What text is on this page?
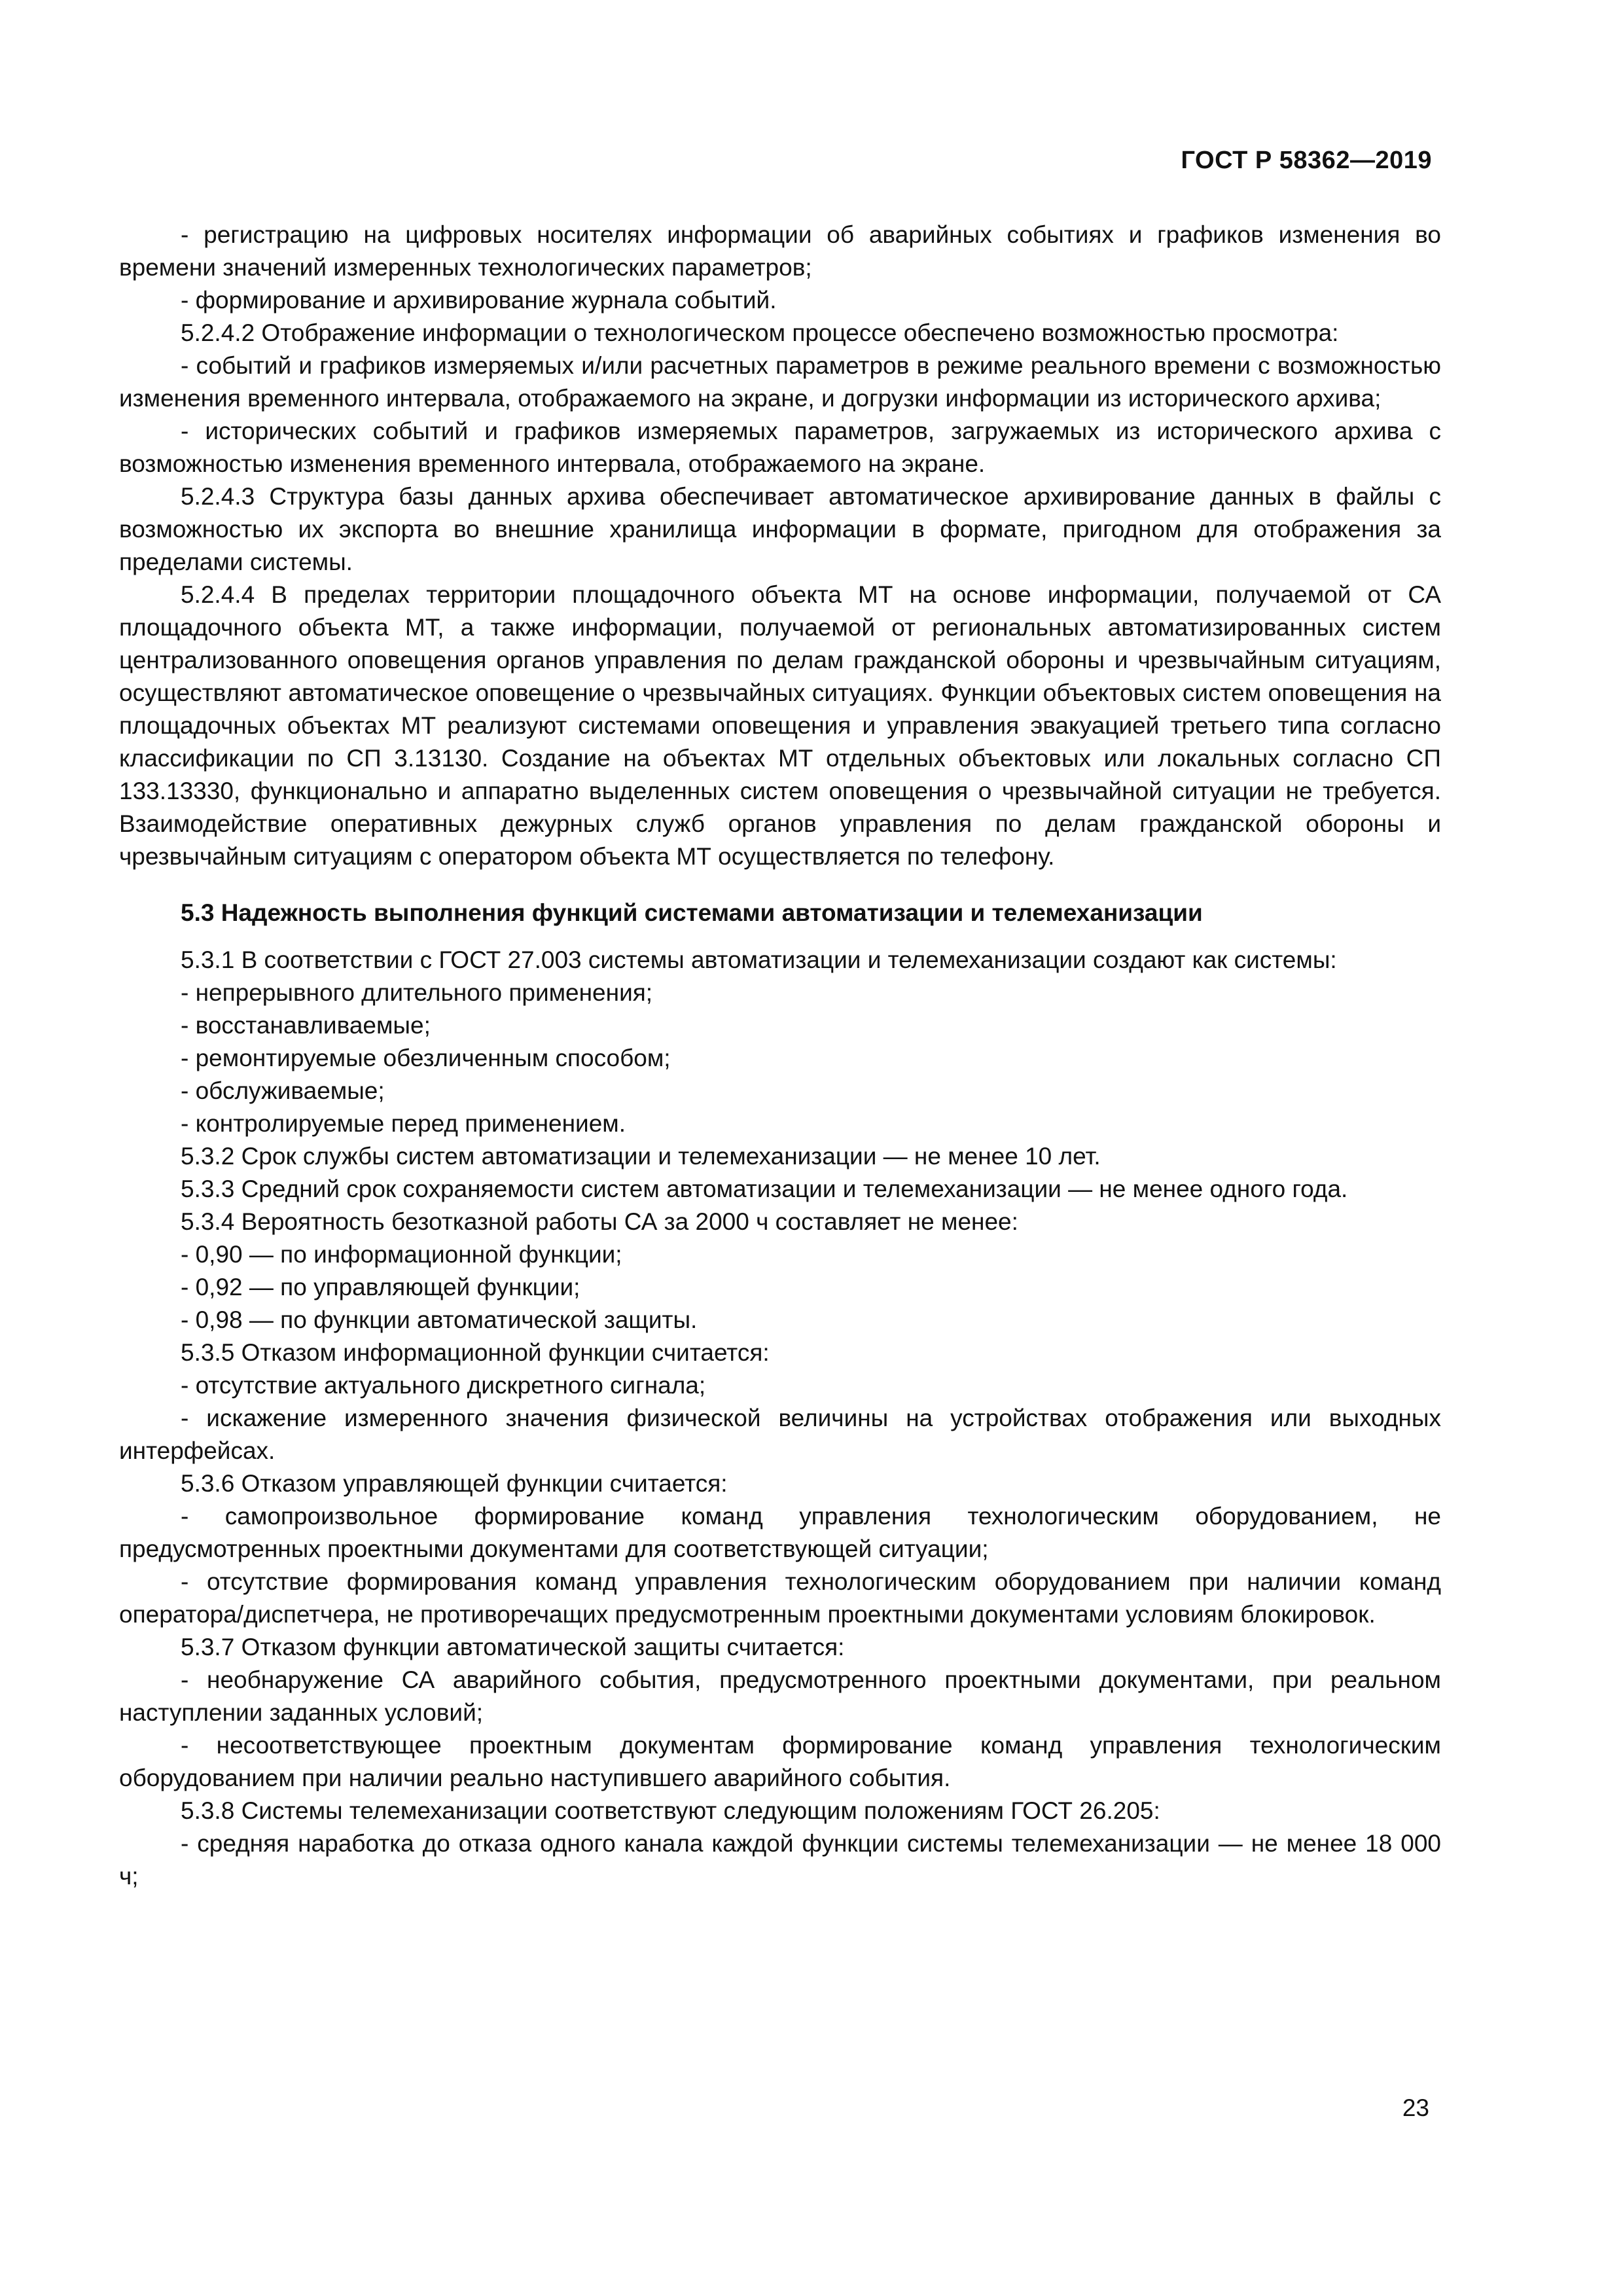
ГОСТ Р 58362—2019

- регистрацию на цифровых носителях информации об аварийных событиях и графиков изменения во времени значений измеренных технологических параметров;

- формирование и архивирование журнала событий.

5.2.4.2 Отображение информации о технологическом процессе обеспечено возможностью просмотра:

- событий и графиков измеряемых и/или расчетных параметров в режиме реального времени с возможностью изменения временного интервала, отображаемого на экране, и догрузки информации из исторического архива;

- исторических событий и графиков измеряемых параметров, загружаемых из исторического архива с возможностью изменения временного интервала, отображаемого на экране.

5.2.4.3 Структура базы данных архива обеспечивает автоматическое архивирование данных в файлы с возможностью их экспорта во внешние хранилища информации в формате, пригодном для отображения за пределами системы.

5.2.4.4 В пределах территории площадочного объекта МТ на основе информации, получаемой от СА площадочного объекта МТ, а также информации, получаемой от региональных автоматизированных систем централизованного оповещения органов управления по делам гражданской обороны и чрезвычайным ситуациям, осуществляют автоматическое оповещение о чрезвычайных ситуациях. Функции объектовых систем оповещения на площадочных объектах МТ реализуют системами оповещения и управления эвакуацией третьего типа согласно классификации по СП 3.13130. Создание на объектах МТ отдельных объектовых или локальных согласно СП 133.13330, функционально и аппаратно выделенных систем оповещения о чрезвычайной ситуации не требуется. Взаимодействие оперативных дежурных служб органов управления по делам гражданской обороны и чрезвычайным ситуациям с оператором объекта МТ осуществляется по телефону.

5.3 Надежность выполнения функций системами автоматизации и телемеханизации

5.3.1 В соответствии с ГОСТ 27.003 системы автоматизации и телемеханизации создают как системы:

- непрерывного длительного применения;

- восстанавливаемые;

- ремонтируемые обезличенным способом;

- обслуживаемые;

- контролируемые перед применением.

5.3.2 Срок службы систем автоматизации и телемеханизации — не менее 10 лет.

5.3.3 Средний срок сохраняемости систем автоматизации и телемеханизации — не менее одного года.

5.3.4 Вероятность безотказной работы СА за 2000 ч составляет не менее:

- 0,90 — по информационной функции;

- 0,92 — по управляющей функции;

- 0,98 — по функции автоматической защиты.

5.3.5 Отказом информационной функции считается:

- отсутствие актуального дискретного сигнала;

- искажение измеренного значения физической величины на устройствах отображения или выходных интерфейсах.

5.3.6 Отказом управляющей функции считается:

- самопроизвольное формирование команд управления технологическим оборудованием, не предусмотренных проектными документами для соответствующей ситуации;

- отсутствие формирования команд управления технологическим оборудованием при наличии команд оператора/диспетчера, не противоречащих предусмотренным проектными документами условиям блокировок.

5.3.7 Отказом функции автоматической защиты считается:

- необнаружение СА аварийного события, предусмотренного проектными документами, при реальном наступлении заданных условий;

- несоответствующее проектным документам формирование команд управления технологическим оборудованием при наличии реально наступившего аварийного события.

5.3.8 Системы телемеханизации соответствуют следующим положениям ГОСТ 26.205:

- средняя наработка до отказа одного канала каждой функции системы телемеханизации — не менее 18 000 ч;

23
